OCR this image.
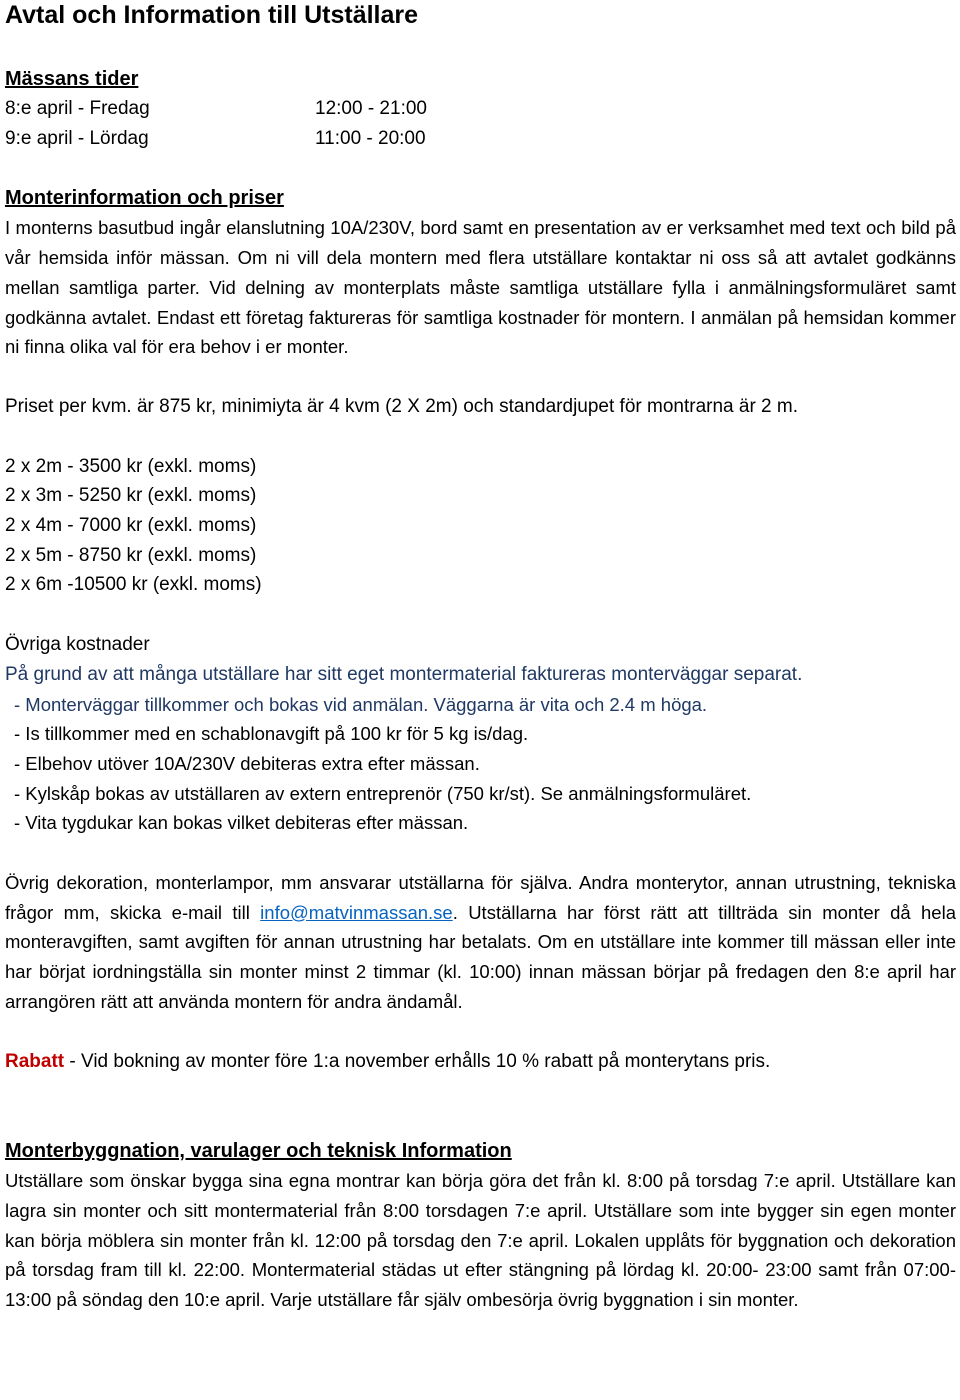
Avtal och Information till Utställare
Mässans tider
8:e april - Fredag	12:00 - 21:00
9:e april - Lördag	11:00 - 20:00
Monterinformation och priser

I monterns basutbud ingår elanslutning 10A/230V, bord samt en presentation av er verksamhet med text och bild på vår hemsida inför mässan. Om ni vill dela montern med flera utställare kontaktar ni oss så att avtalet godkänns mellan samtliga parter. Vid delning av monterplats måste samtliga utställare fylla i anmälningsformuläret samt godkänna avtalet. Endast ett företag faktureras för samtliga kostnader för montern. I anmälan på hemsidan kommer ni finna olika val för era behov i er monter.

Priset per kvm. är 875 kr, minimiyta är 4 kvm (2 X 2m) och standardjupet för montrarna är 2 m.
2 x 2m - 3500 kr (exkl. moms)
2 x 3m - 5250 kr (exkl. moms)
2 x 4m - 7000 kr (exkl. moms)
2 x 5m - 8750 kr (exkl. moms)
2 x 6m -10500 kr (exkl. moms)
Övriga kostnader
På grund av att många utställare har sitt eget montermaterial faktureras monterväggar separat.
- Monterväggar tillkommer och bokas vid anmälan. Väggarna är vita och 2.4 m höga.
- Is tillkommer med en schablonavgift på 100 kr för 5 kg is/dag.
- Elbehov utöver 10A/230V debiteras extra efter mässan.
- Kylskåp bokas av utställaren av extern entreprenör (750 kr/st). Se anmälningsformuläret.
- Vita tygdukar kan bokas vilket debiteras efter mässan.

Övrig dekoration, monterlampor, mm ansvarar utställarna för själva. Andra monterytor, annan utrustning, tekniska frågor mm, skicka e-mail till info@matvinmassan.se. Utställarna har först rätt att tillträda sin monter då hela monteravgiften, samt avgiften för annan utrustning har betalats. Om en utställare inte kommer till mässan eller inte har börjat iordningställa sin monter minst 2 timmar (kl. 10:00) innan mässan börjar på fredagen den 8:e april har arrangören rätt att använda montern för andra ändamål.

Rabatt - Vid bokning av monter före 1:a november erhålls 10 % rabatt på monterytans pris.
Monterbyggnation, varulager och teknisk Information

Utställare som önskar bygga sina egna montrar kan börja göra det från kl. 8:00 på torsdag 7:e april. Utställare kan lagra sin monter och sitt montermaterial från 8:00 torsdagen 7:e april. Utställare som inte bygger sin egen monter kan börja möblera sin monter från kl. 12:00 på torsdag den 7:e april. Lokalen upplåts för byggnation och dekoration på torsdag fram till kl. 22:00. Montermaterial städas ut efter stängning på lördag kl. 20:00- 23:00 samt från 07:00-13:00 på söndag den 10:e april. Varje utställare får själv ombesörja övrig byggnation i sin monter.
